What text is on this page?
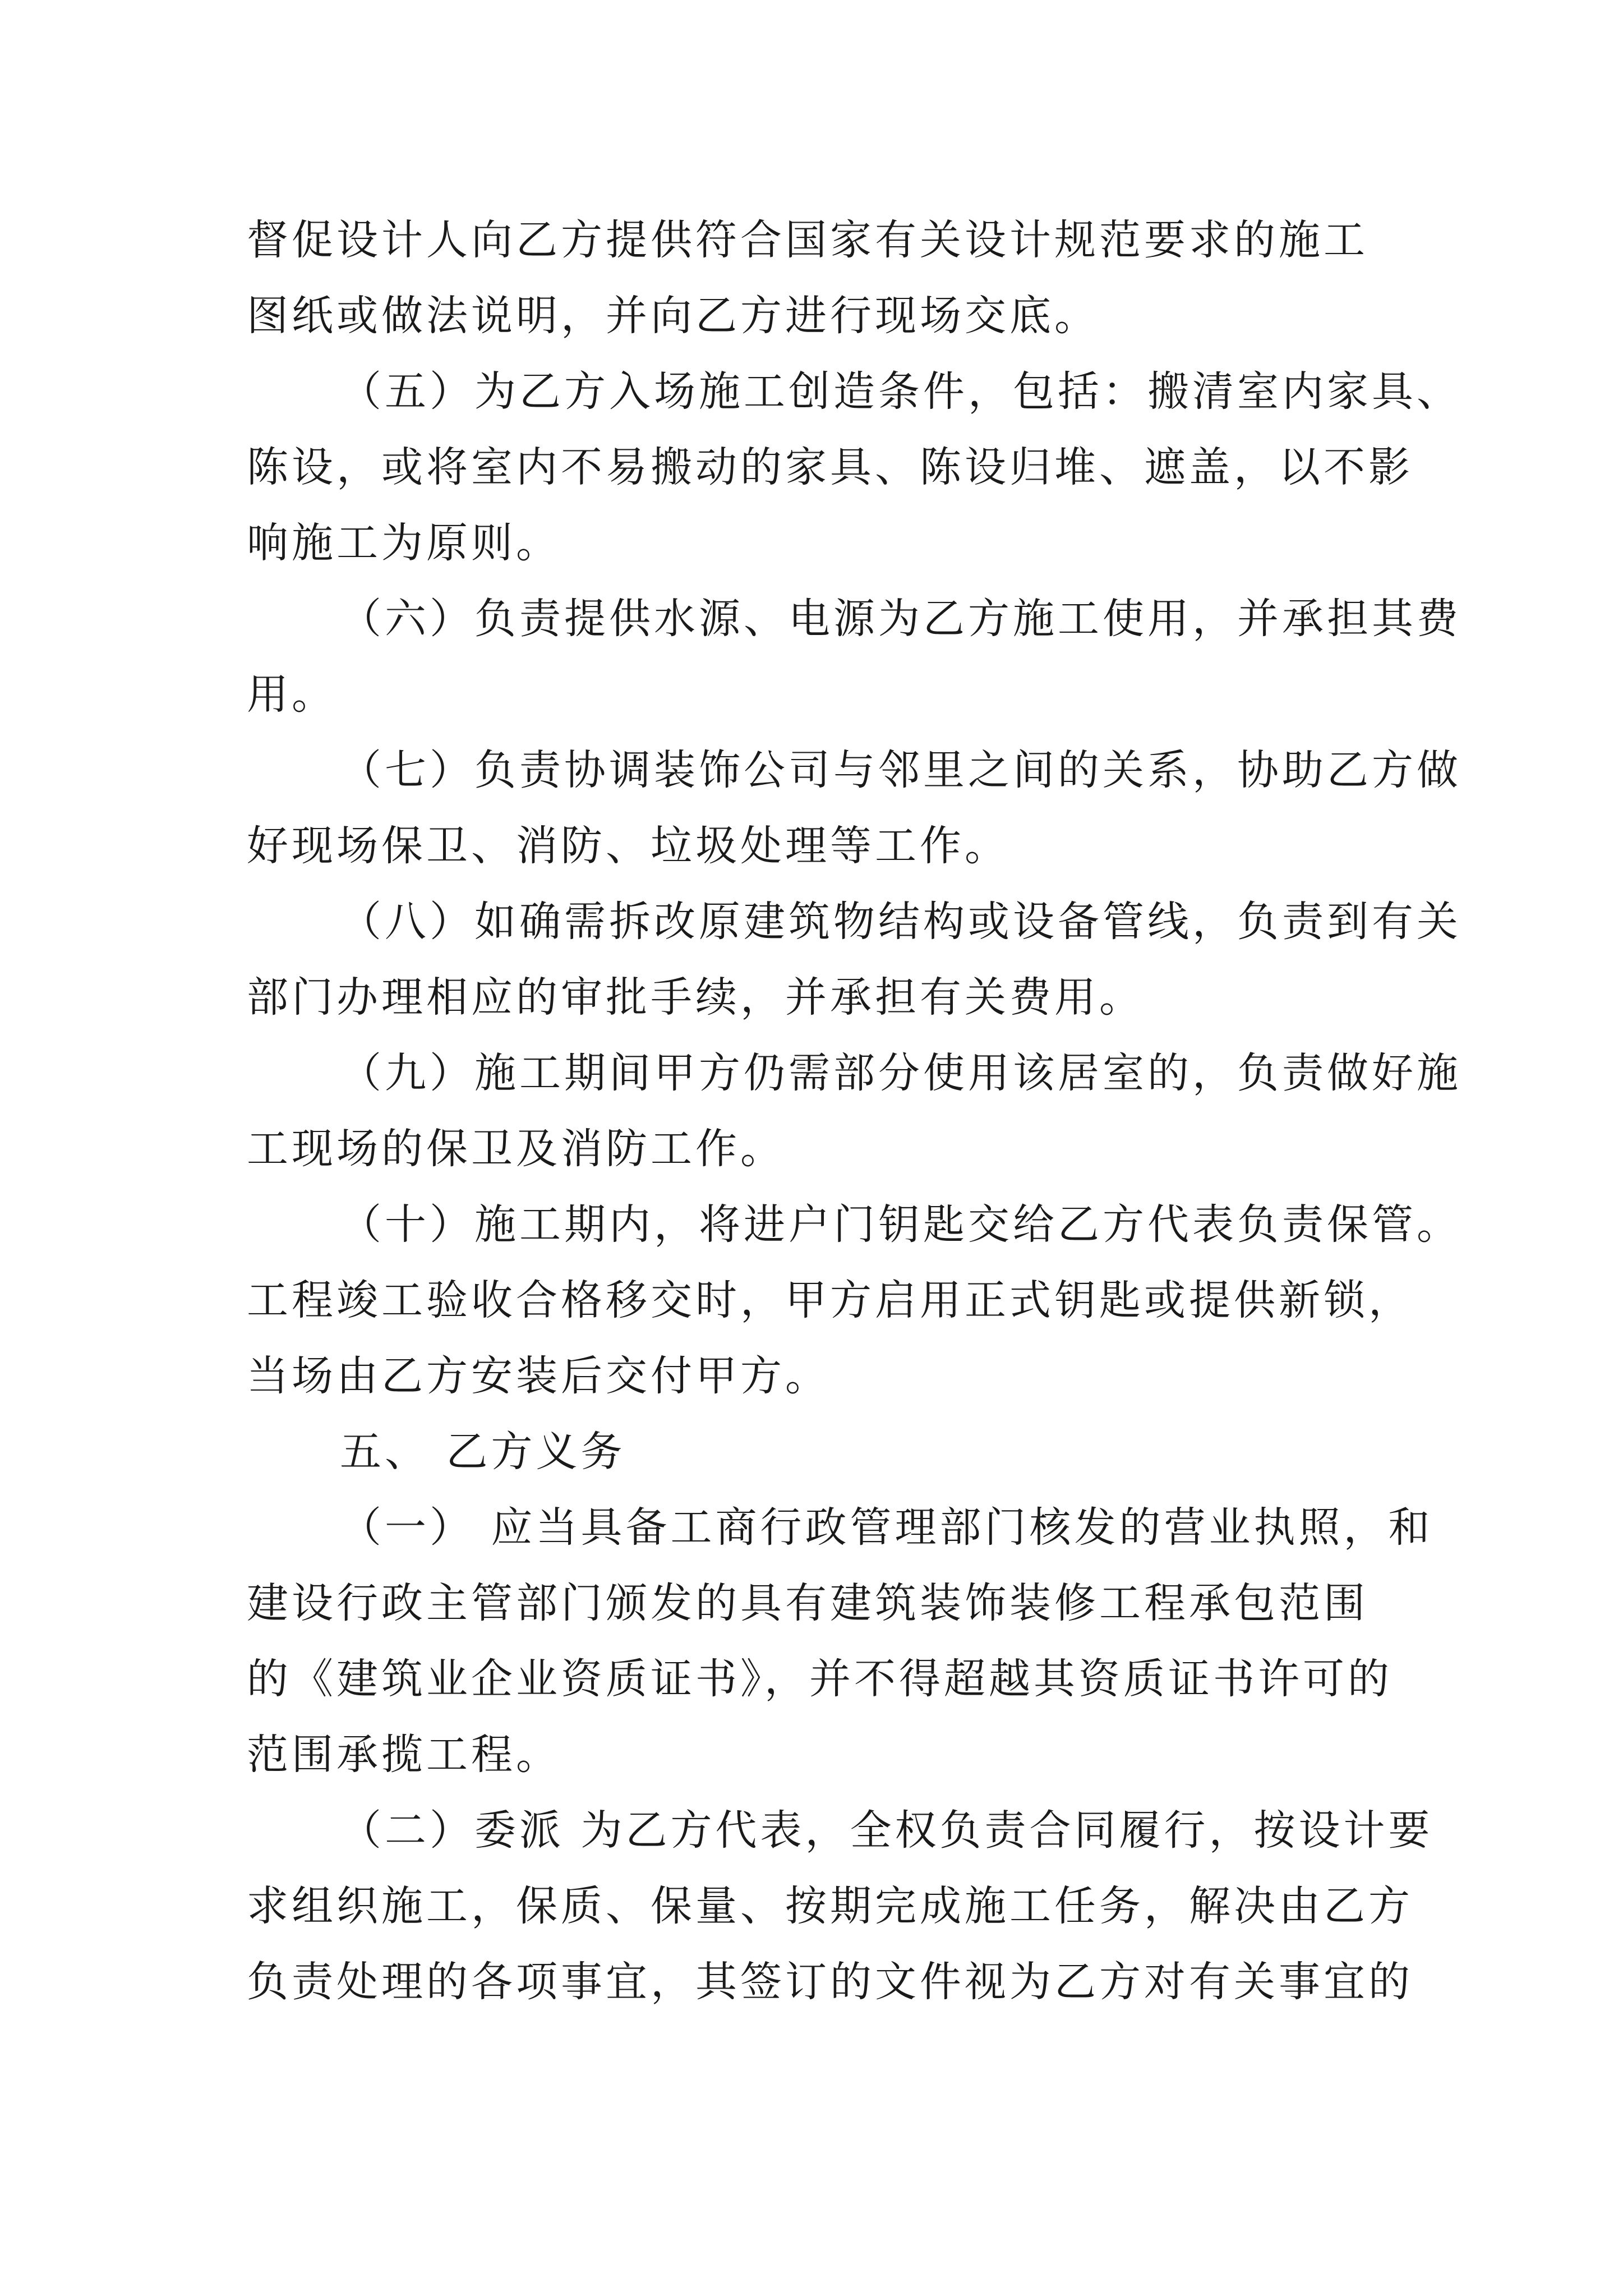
督促设计人向乙方提供符合国家有关设计规范要求的施工
图纸或做法说明，并向乙方进行现场交底。
（五）为乙方入场施工创造条件，包括：搬清室内家具、
陈设，或将室内不易搬动的家具、陈设归堆、遮盖，以不影
响施工为原则。
（六）负责提供水源、电源为乙方施工使用，并承担其费
用。
（七）负责协调装饰公司与邻里之间的关系，协助乙方做
好现场保卫、消防、垃圾处理等工作。
（八）如确需拆改原建筑物结构或设备管线，负责到有关
部门办理相应的审批手续，并承担有关费用。
（九）施工期间甲方仍需部分使用该居室的，负责做好施
工现场的保卫及消防工作。
（十）施工期内，将进户门钥匙交给乙方代表负责保管。
工程竣工验收合格移交时，甲方启用正式钥匙或提供新锁，
当场由乙方安装后交付甲方。
五、 乙方义务
（一） 应当具备工商行政管理部门核发的营业执照，和
建设行政主管部门颁发的具有建筑装饰装修工程承包范围
的《建筑业企业资质证书》，并不得超越其资质证书许可的
范围承揽工程。
（二）委派 为乙方代表，全权负责合同履行，按设计要
求组织施工，保质、保量、按期完成施工任务，解决由乙方
负责处理的各项事宜，其签订的文件视为乙方对有关事宜的
